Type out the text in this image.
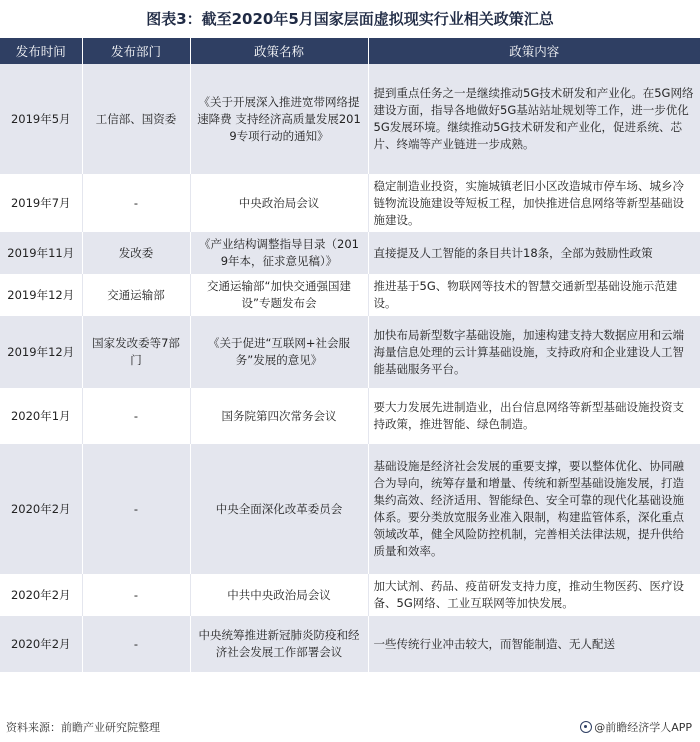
图表3：截至2020年5月国家层面虚拟现实行业相关政策汇总
发布时间	发布部门	政策名称	政策内容
2019年5月	工信部、国资委	《关于开展深入推进宽带网络提速降费 支持经济高质量发展2019专项行动的通知》	提到重点任务之一是继续推动5G技术研发和产业化。在5G网络建设方面，指导各地做好5G基站站址规划等工作，进一步优化5G发展环境。继续推动5G技术研发和产业化，促进系统、芯片、终端等产业链进一步成熟。
2019年7月	-	中央政治局会议	稳定制造业投资，实施城镇老旧小区改造城市停车场、城乡冷链物流设施建设等短板工程，加快推进信息网络等新型基础设施建设。
2019年11月	发改委	《产业结构调整指导目录（2019年本，征求意见稿）》	直接提及人工智能的条目共计18条，全部为鼓励性政策
2019年12月	交通运输部	交通运输部“加快交通强国建设”专题发布会	推进基于5G、物联网等技术的智慧交通新型基础设施示范建设。
2019年12月	国家发改委等7部门	《关于促进“互联网+社会服务”发展的意见》	加快布局新型数字基础设施，加速构建支持大数据应用和云端海量信息处理的云计算基础设施，支持政府和企业建设人工智能基础服务平台。
2020年1月	-	国务院第四次常务会议	要大力发展先进制造业，出台信息网络等新型基础设施投资支持政策，推进智能、绿色制造。
2020年2月	-	中央全面深化改革委员会	基础设施是经济社会发展的重要支撑，要以整体优化、协同融合为导向，统筹存量和增量、传统和新型基础设施发展，打造集约高效、经济适用、智能绿色、安全可靠的现代化基础设施体系。要分类放宽服务业准入限制，构建监管体系，深化重点领域改革，健全风险防控机制，完善相关法律法规，提升供给质量和效率。
2020年2月	-	中共中央政治局会议	加大试剂、药品、疫苗研发支持力度，推动生物医药、医疗设备、5G网络、工业互联网等加快发展。
2020年2月	-	中央统筹推进新冠肺炎防疫和经济社会发展工作部署会议	一些传统行业冲击较大，而智能制造、无人配送
资料来源：前瞻产业研究院整理	@前瞻经济学人APP
